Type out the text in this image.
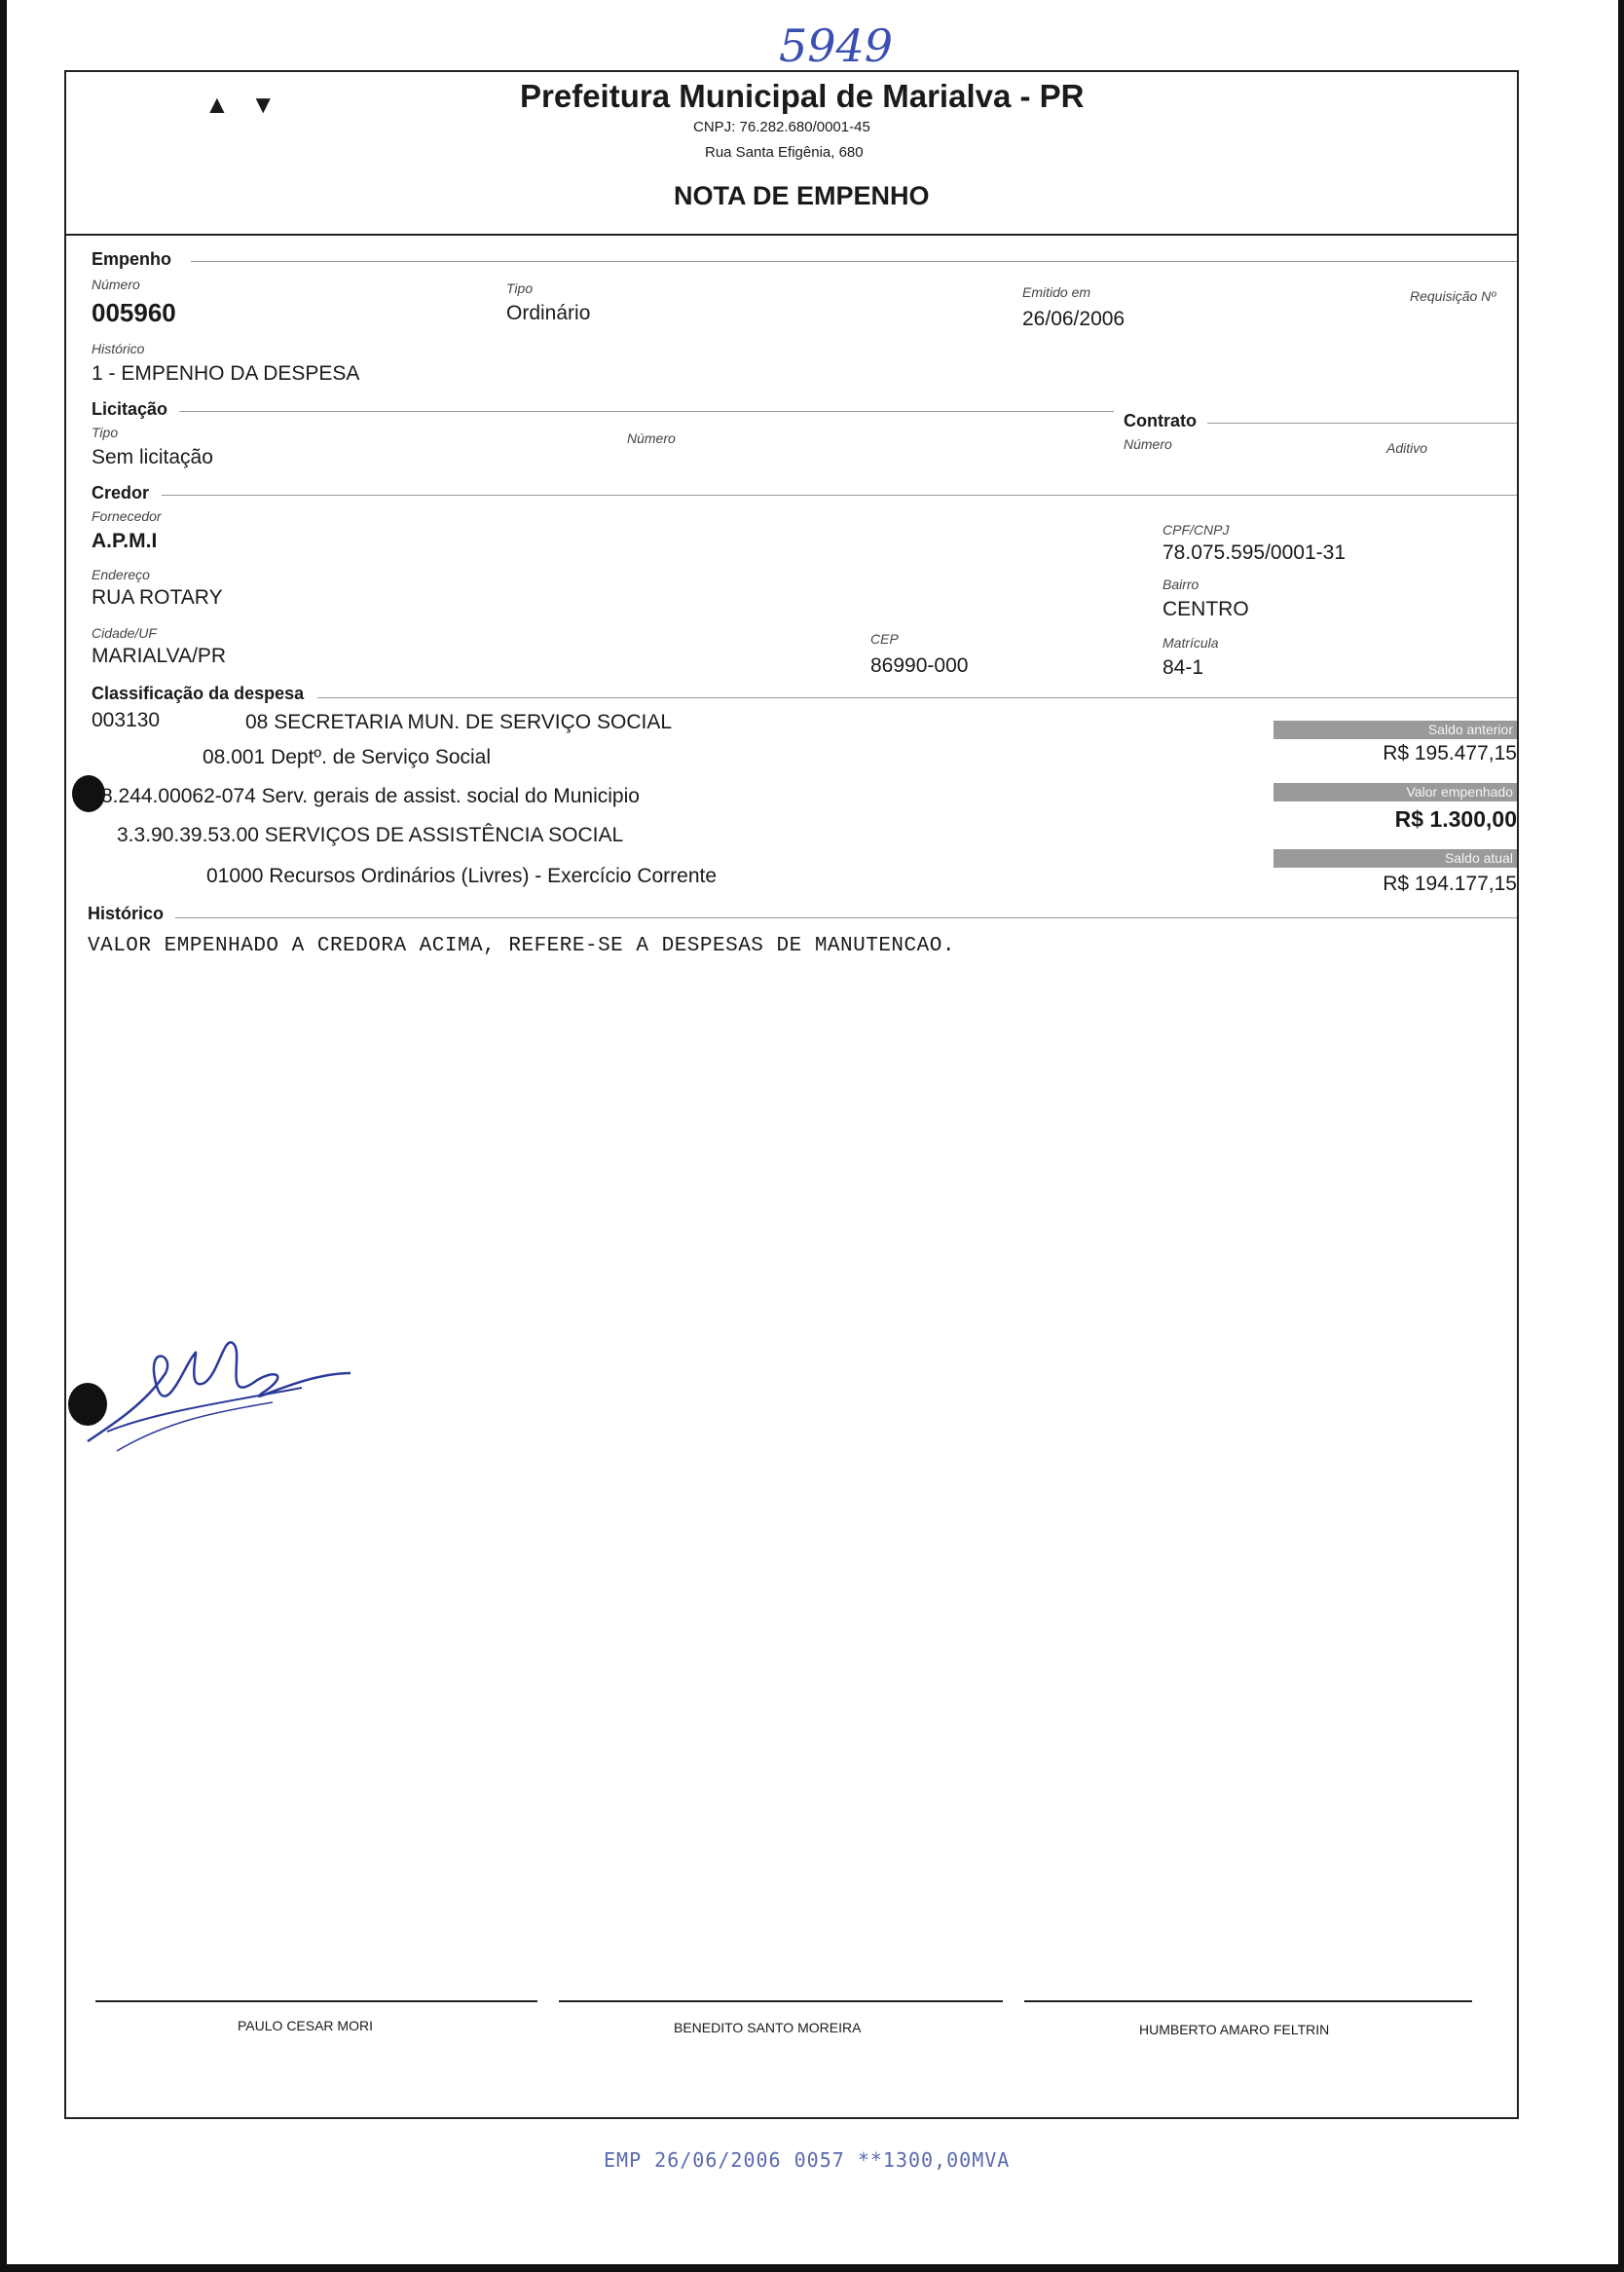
5949
▲   ▼	Prefeitura Municipal de Marialva - PR
CNPJ: 76.282.680/0001-45
Rua Santa Efigênia, 680
NOTA DE EMPENHO
Empenho
Número
005960
Tipo
Ordinário
Emitido em
26/06/2006
Requisição Nº
Histórico
1 - EMPENHO DA DESPESA
Licitação
Tipo
Sem licitação
Número
Contrato
Número	Aditivo
Credor
Fornecedor
A.P.M.I	CPF/CNPJ
78.075.595/0001-31
Endereço
RUA ROTARY
Bairro
CENTRO
Cidade/UF
MARIALVA/PR
CEP
86990-000
Matrícula
84-1
Classificação da despesa
003130	08 SECRETARIA MUN. DE SERVIÇO SOCIAL
08.001 Deptº. de Serviço Social
8.244.00062-074 Serv. gerais de assist. social do Municipio
3.3.90.39.53.00 SERVIÇOS DE ASSISTÊNCIA SOCIAL
01000 Recursos Ordinários (Livres) - Exercício Corrente
Saldo anterior
R$ 195.477,15
Valor empenhado
R$ 1.300,00
Saldo atual
R$ 194.177,15
Histórico
VALOR EMPENHADO A CREDORA ACIMA, REFERE-SE A DESPESAS DE MANUTENCAO.
PAULO CESAR MORI	BENEDITO SANTO MOREIRA	HUMBERTO AMARO FELTRIN
EMP 26/06/2006 0057 **1300,00MVA
